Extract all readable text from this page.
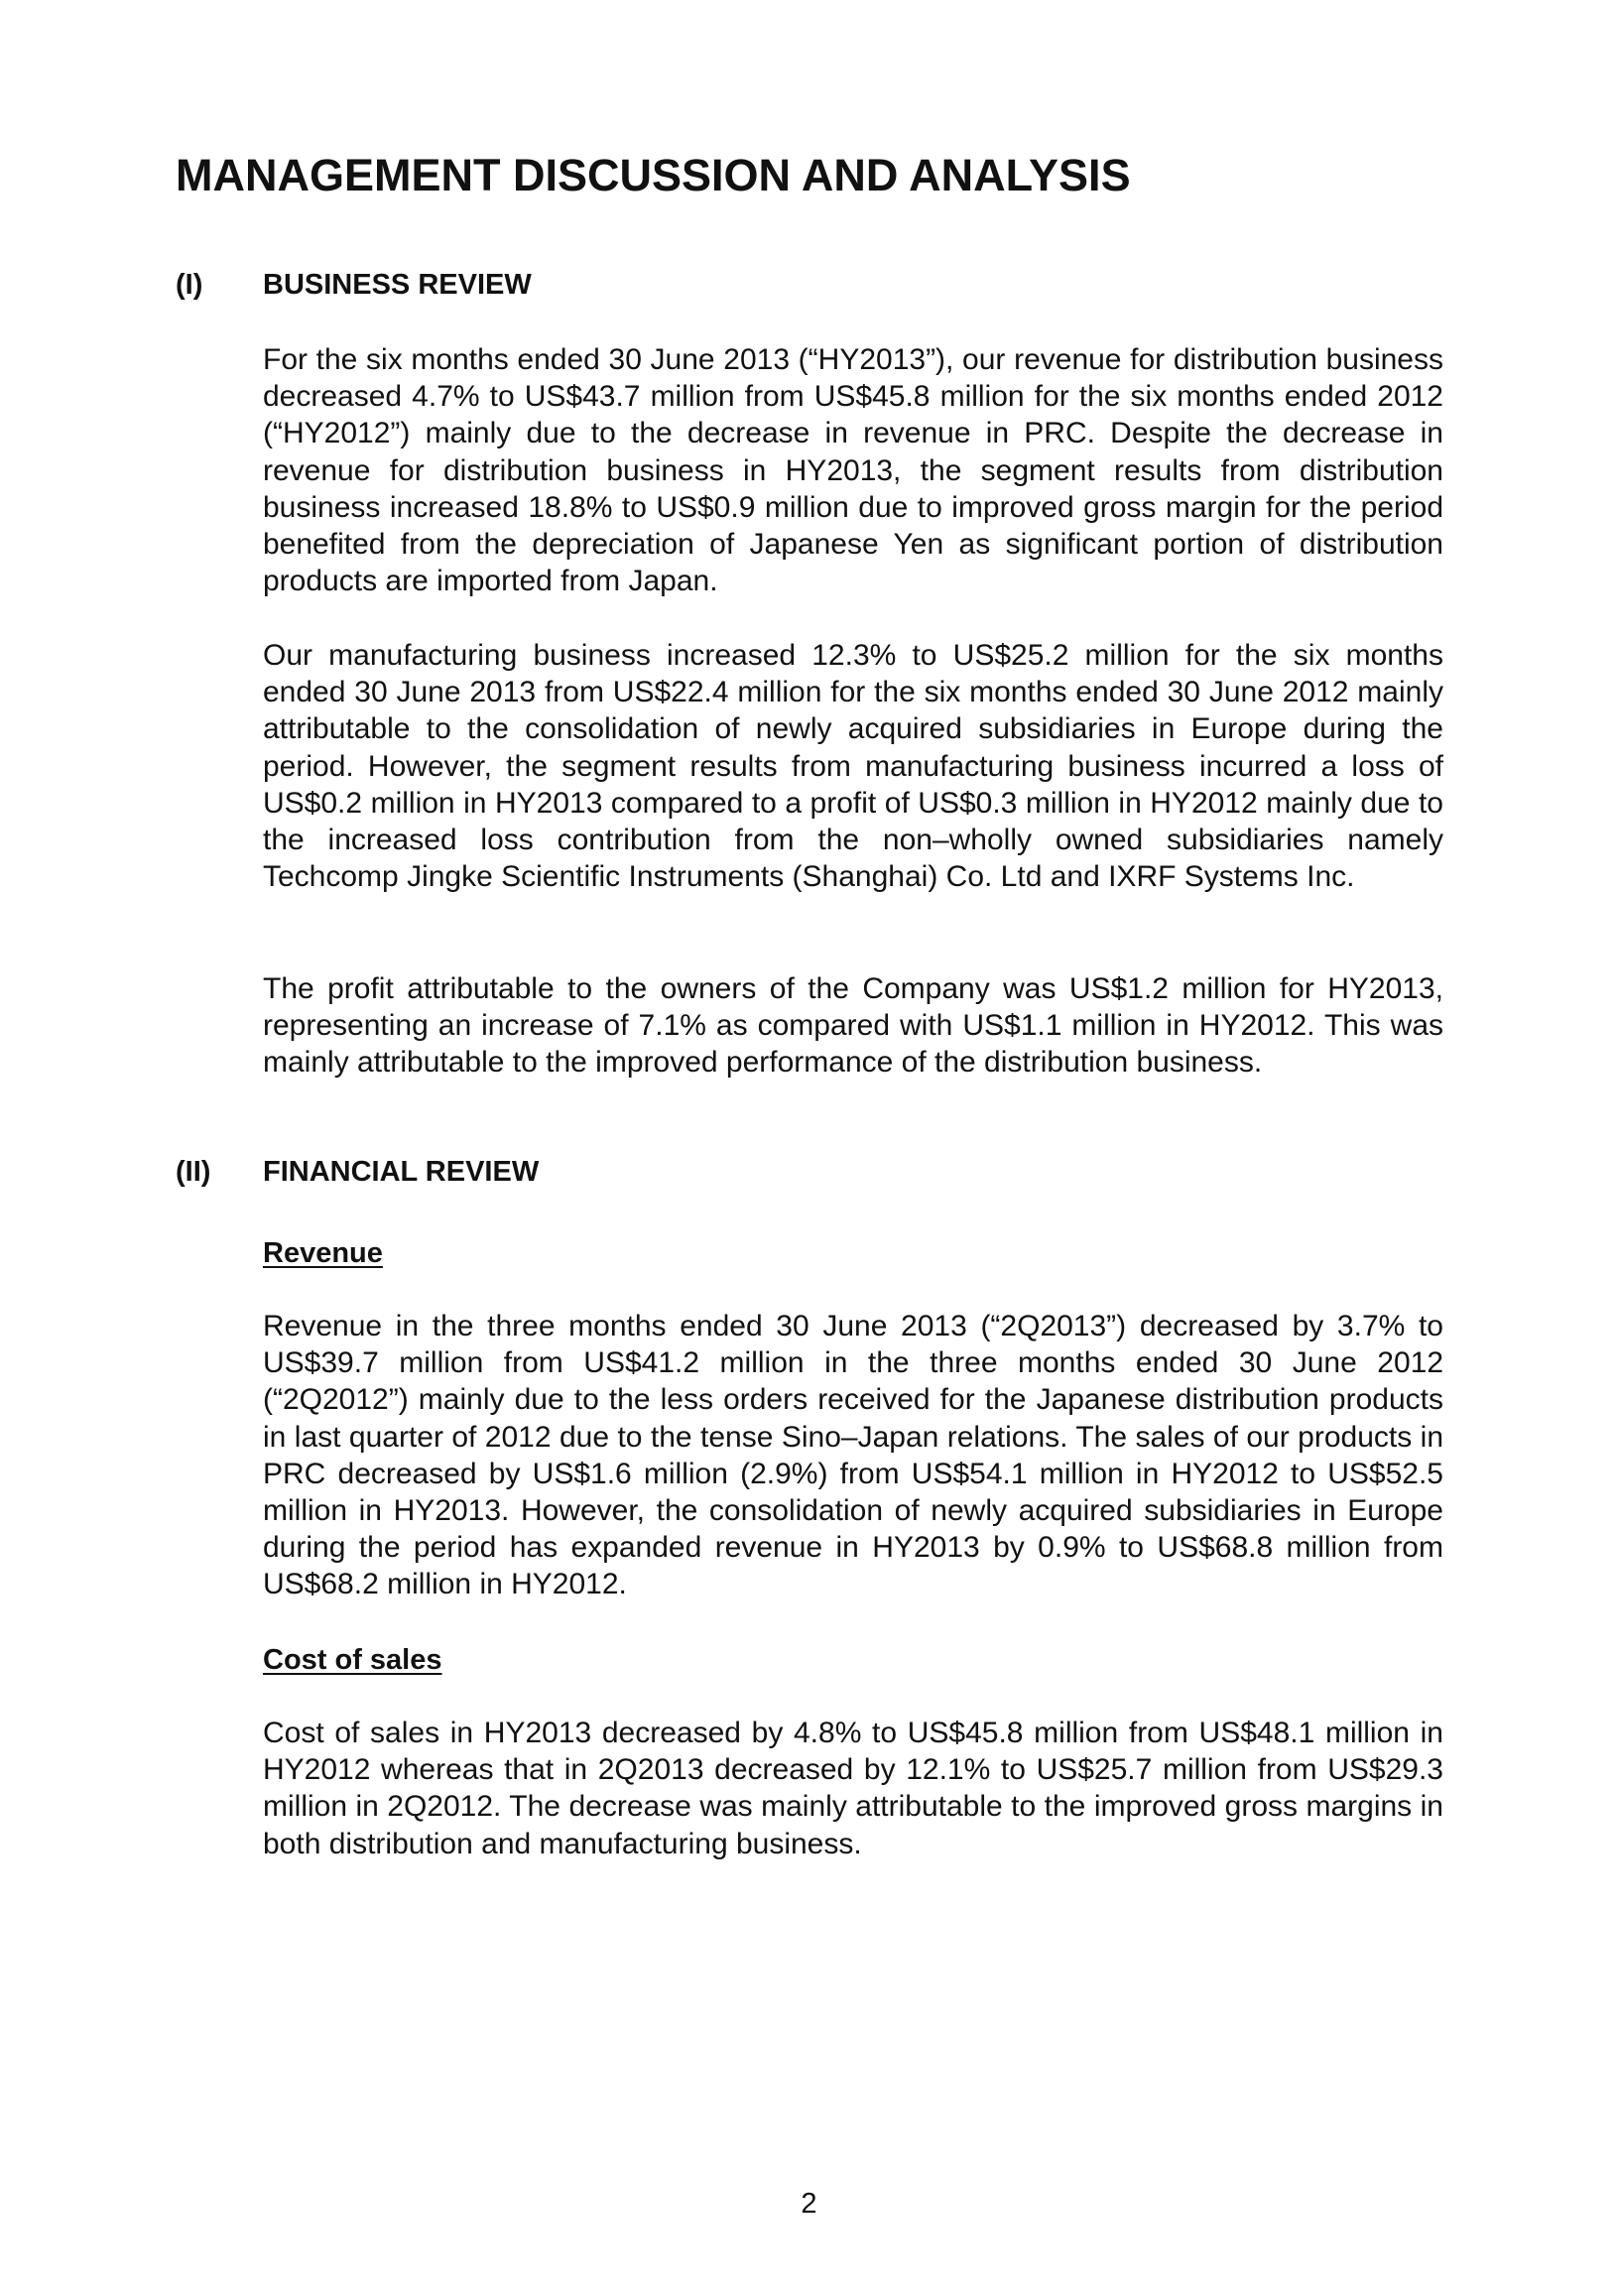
MANAGEMENT DISCUSSION AND ANALYSIS
(I) BUSINESS REVIEW

For the six months ended 30 June 2013 (“HY2013”), our revenue for distribution business decreased 4.7% to US$43.7 million from US$45.8 million for the six months ended 2012 (“HY2012”) mainly due to the decrease in revenue in PRC. Despite the decrease in revenue for distribution business in HY2013, the segment results from distribution business increased 18.8% to US$0.9 million due to improved gross margin for the period benefited from the depreciation of Japanese Yen as significant portion of distribution products are imported from Japan.

Our manufacturing business increased 12.3% to US$25.2 million for the six months ended 30 June 2013 from US$22.4 million for the six months ended 30 June 2012 mainly attributable to the consolidation of newly acquired subsidiaries in Europe during the period. However, the segment results from manufacturing business incurred a loss of US$0.2 million in HY2013 compared to a profit of US$0.3 million in HY2012 mainly due to the increased loss contribution from the non–wholly owned subsidiaries namely Techcomp Jingke Scientific Instruments (Shanghai) Co. Ltd and IXRF Systems Inc.

The profit attributable to the owners of the Company was US$1.2 million for HY2013, representing an increase of 7.1% as compared with US$1.1 million in HY2012. This was mainly attributable to the improved performance of the distribution business.

(II) FINANCIAL REVIEW
Revenue

Revenue in the three months ended 30 June 2013 (“2Q2013”) decreased by 3.7% to US$39.7 million from US$41.2 million in the three months ended 30 June 2012 (“2Q2012”) mainly due to the less orders received for the Japanese distribution products in last quarter of 2012 due to the tense Sino–Japan relations. The sales of our products in PRC decreased by US$1.6 million (2.9%) from US$54.1 million in HY2012 to US$52.5 million in HY2013. However, the consolidation of newly acquired subsidiaries in Europe during the period has expanded revenue in HY2013 by 0.9% to US$68.8 million from US$68.2 million in HY2012.

Cost of sales

Cost of sales in HY2013 decreased by 4.8% to US$45.8 million from US$48.1 million in HY2012 whereas that in 2Q2013 decreased by 12.1% to US$25.7 million from US$29.3 million in 2Q2012. The decrease was mainly attributable to the improved gross margins in both distribution and manufacturing business.

2
